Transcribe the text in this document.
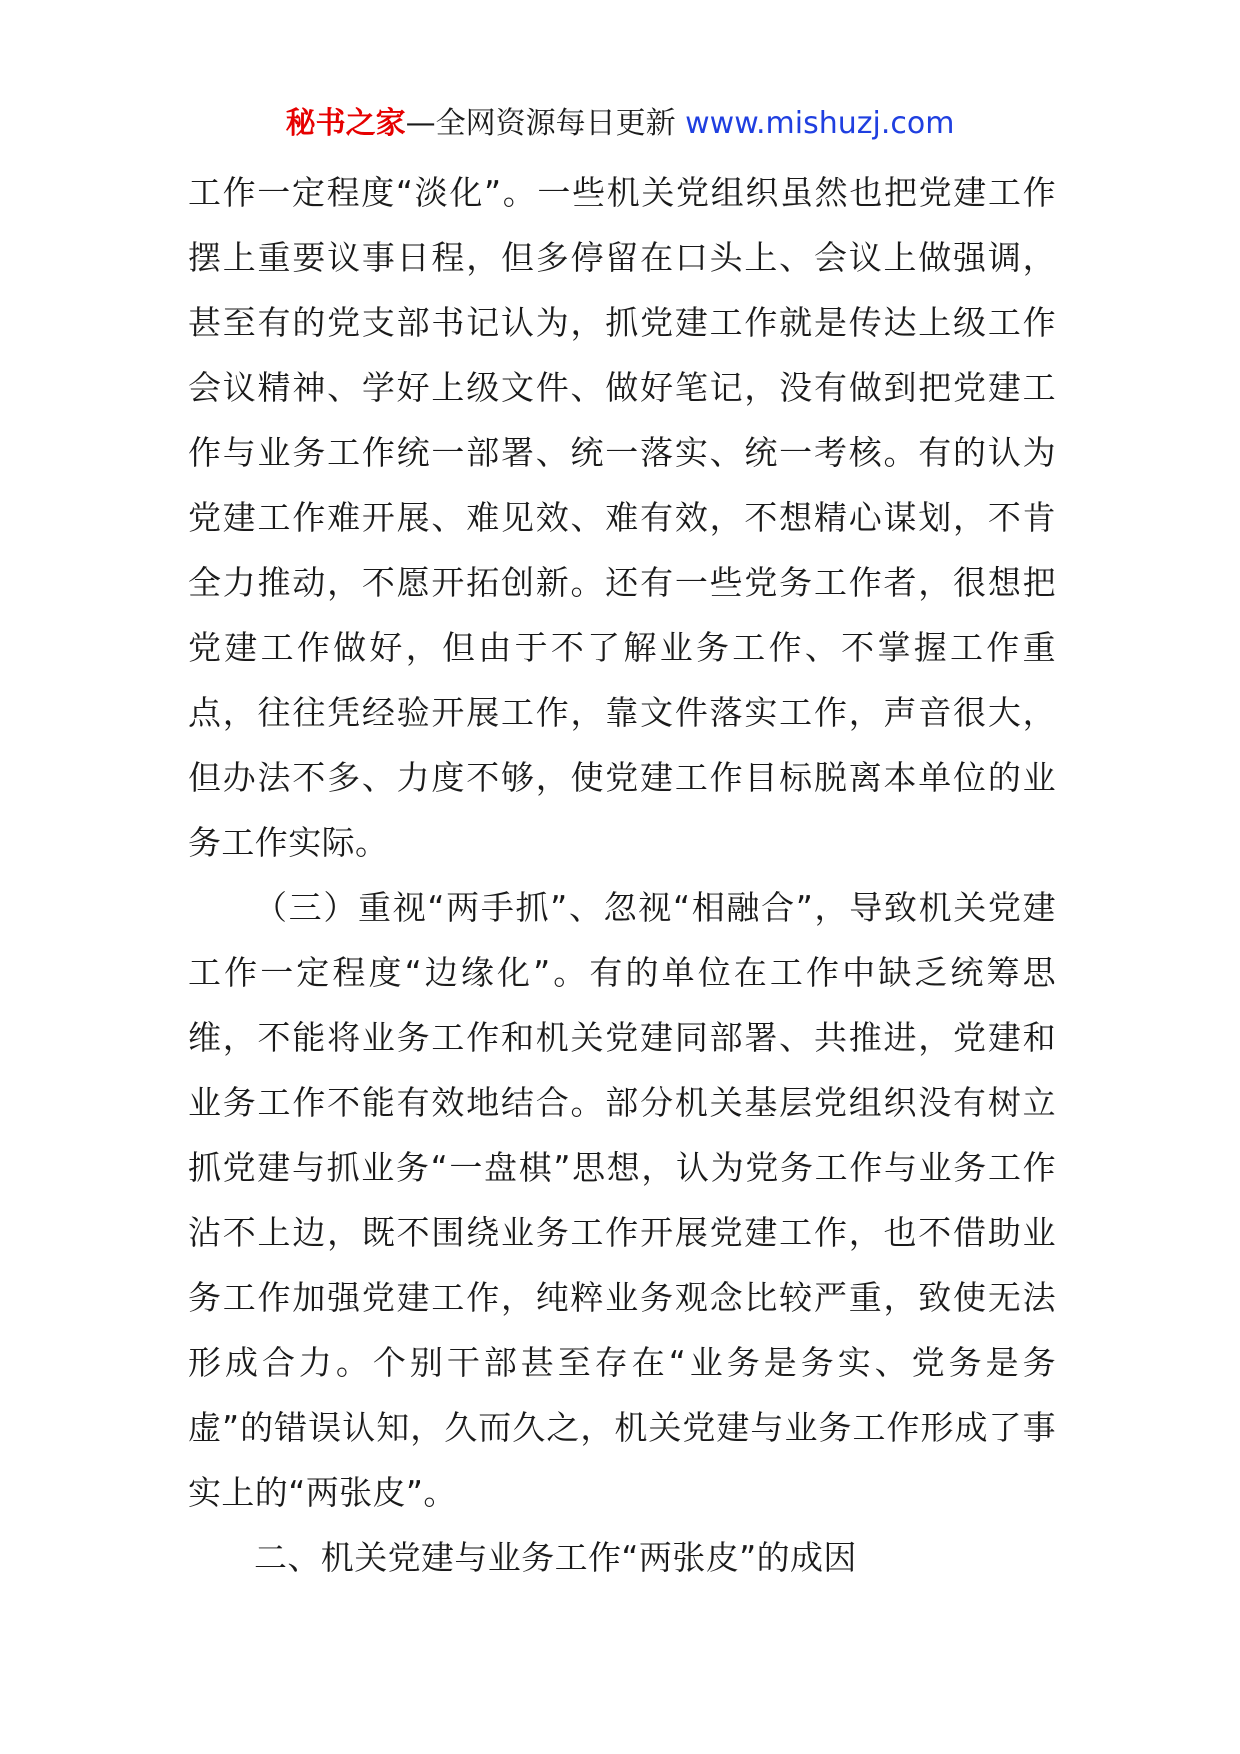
秘书之家—全网资源每日更新 www.mishuzj.com

工作一定程度“淡化”。一些机关党组织虽然也把党建工作摆上重要议事日程，但多停留在口头上、会议上做强调，甚至有的党支部书记认为，抓党建工作就是传达上级工作会议精神、学好上级文件、做好笔记，没有做到把党建工作与业务工作统一部署、统一落实、统一考核。有的认为党建工作难开展、难见效、难有效，不想精心谋划，不肯全力推动，不愿开拓创新。还有一些党务工作者，很想把党建工作做好，但由于不了解业务工作、不掌握工作重点，往往凭经验开展工作，靠文件落实工作，声音很大，但办法不多、力度不够，使党建工作目标脱离本单位的业务工作实际。

（三）重视“两手抓”、忽视“相融合”，导致机关党建工作一定程度“边缘化”。有的单位在工作中缺乏统筹思维，不能将业务工作和机关党建同部署、共推进，党建和业务工作不能有效地结合。部分机关基层党组织没有树立抓党建与抓业务“一盘棋”思想，认为党务工作与业务工作沾不上边，既不围绕业务工作开展党建工作，也不借助业务工作加强党建工作，纯粹业务观念比较严重，致使无法形成合力。个别干部甚至存在“业务是务实、党务是务虚”的错误认知，久而久之，机关党建与业务工作形成了事实上的“两张皮”。

二、机关党建与业务工作“两张皮”的成因
